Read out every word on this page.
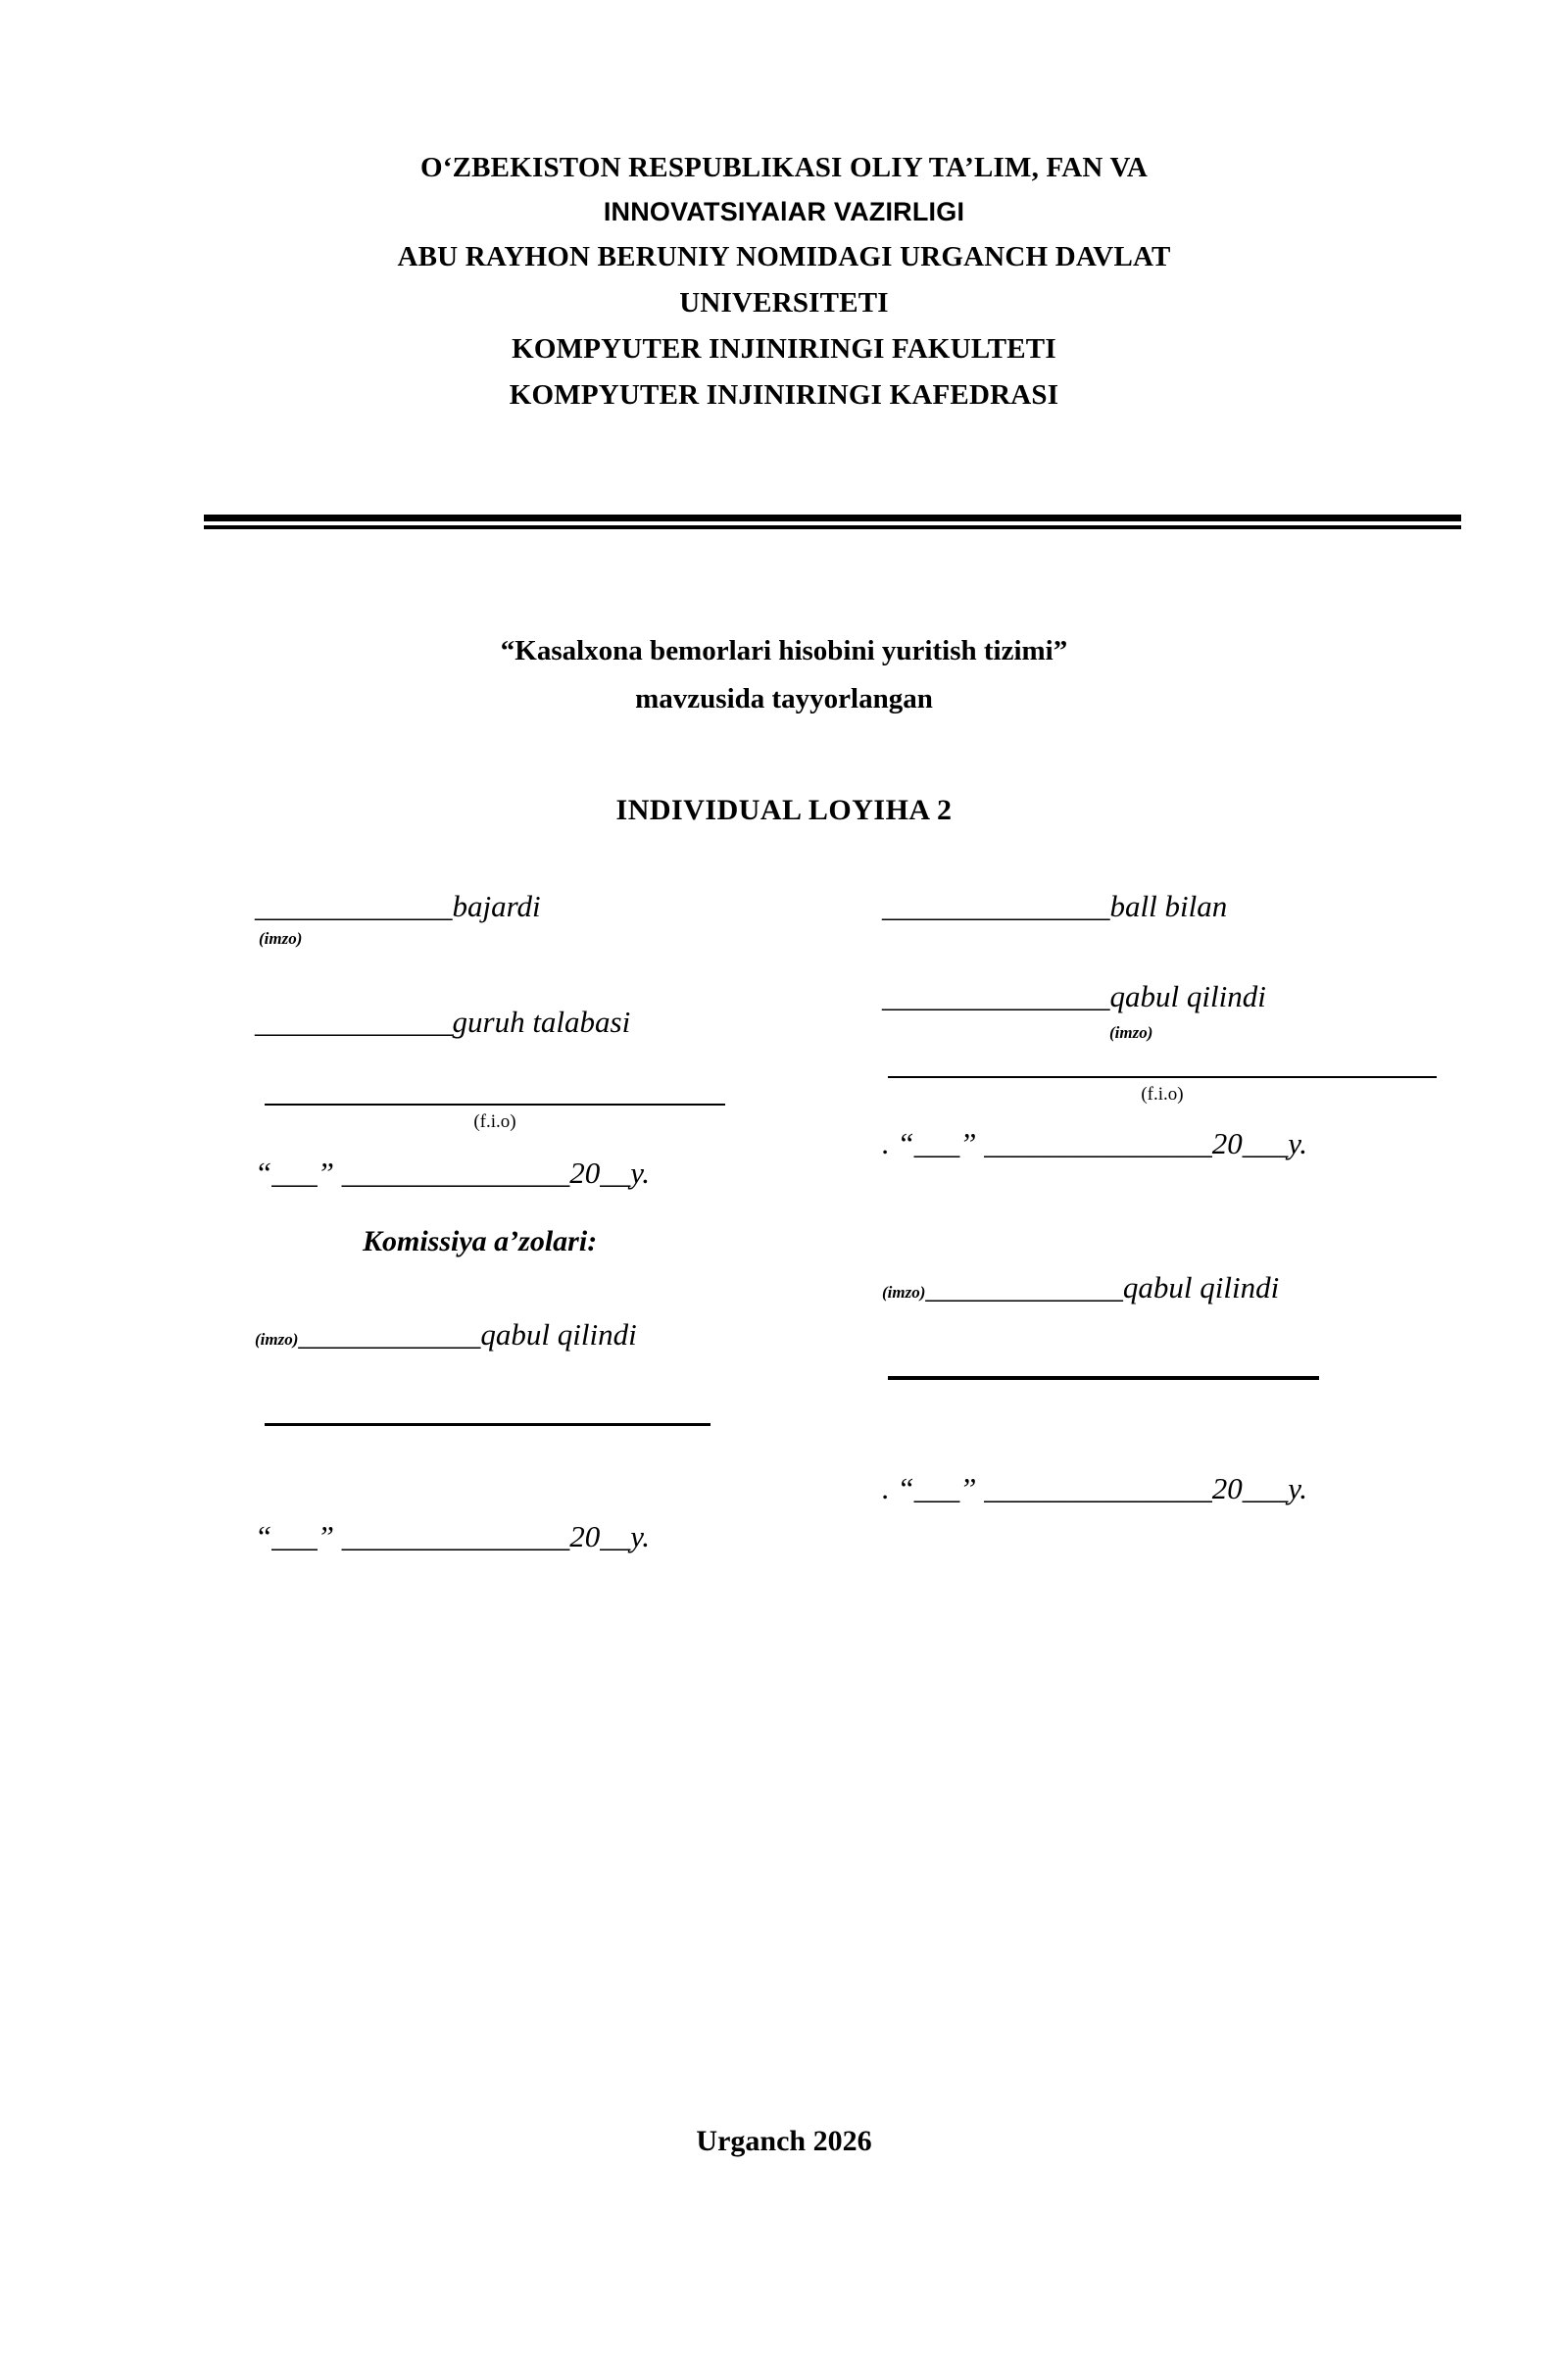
O‘ZBEKISTON RESPUBLIKASI OLIY TA’LIM, FAN VA
INNOVATSIYAlAR VAZIRLIGI
ABU RAYHON BERUNIY NOMIDAGI URGANCH DAVLAT
UNIVERSITETI
KOMPYUTER INJINIRINGI FAKULTETI
KOMPYUTER INJINIRINGI KAFEDRASI
“Kasalxona bemorlari hisobini yuritish tizimi”
mavzusida tayyorlangan
INDIVIDUAL LOYIHA 2
_____________bajardi
(imzo)
_____________guruh talabasi
(f.i.o)
“___” _______________20__y.
Komissiya a’zolari:
(imzo)____________qabul qilindi
“___” _______________20__y.
_______________ball bilan
_______________qabul qilindi
(imzo)
(f.i.o)
. “___” _______________20___y.
(imzo)_____________qabul qilindi
. “___” _______________20___y.
Urganch 2026
